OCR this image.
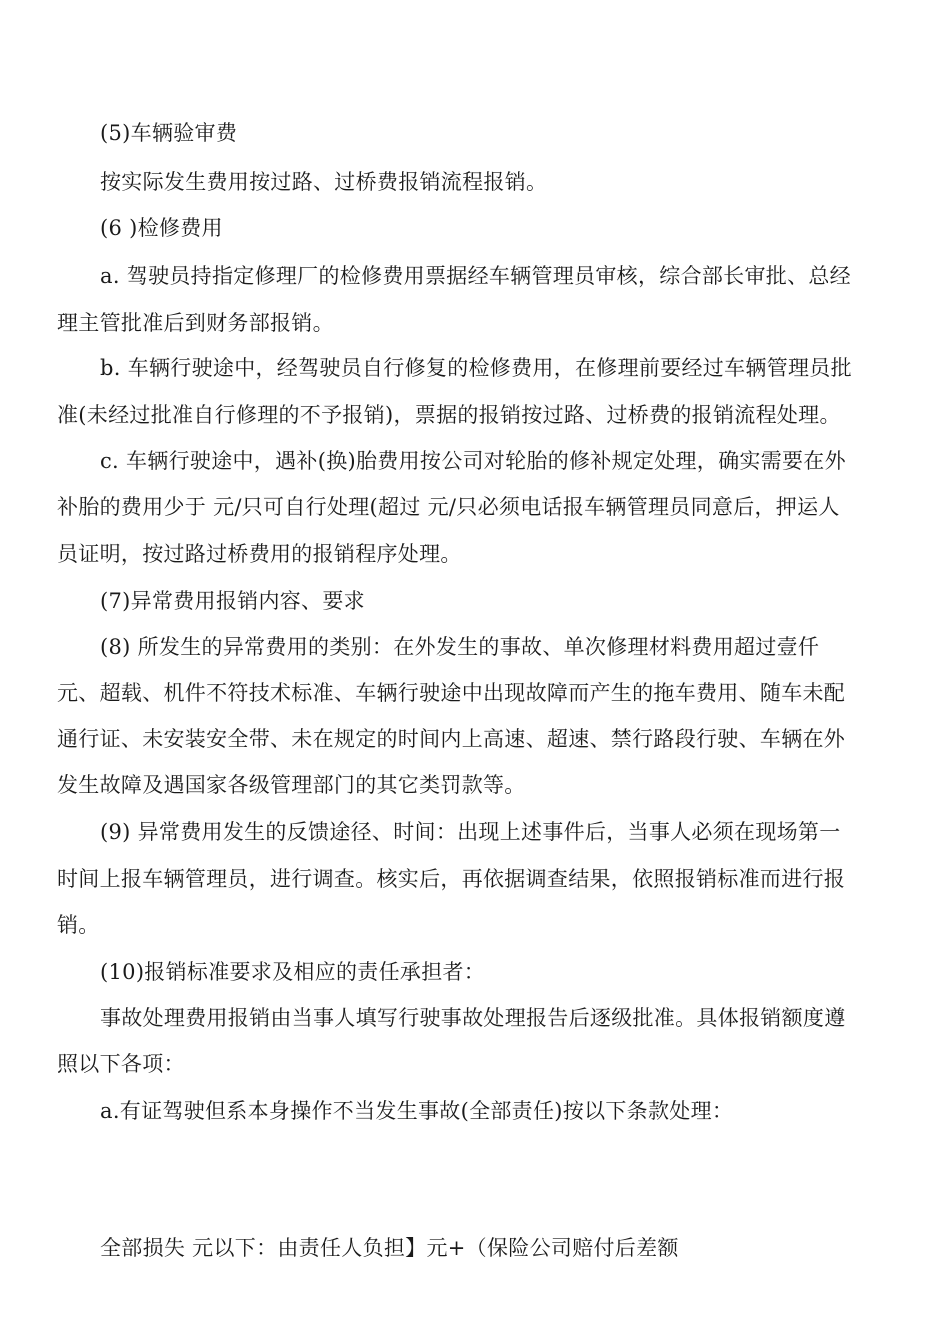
(5)车辆验审费
按实际发生费用按过路、过桥费报销流程报销。
(6 )检修费用
a. 驾驶员持指定修理厂的检修费用票据经车辆管理员审核，综合部长审批、总经
理主管批准后到财务部报销。
b. 车辆行驶途中，经驾驶员自行修复的检修费用，在修理前要经过车辆管理员批
准(未经过批准自行修理的不予报销)，票据的报销按过路、过桥费的报销流程处理。
c. 车辆行驶途中，遇补(换)胎费用按公司对轮胎的修补规定处理，确实需要在外
补胎的费用少于 元/只可自行处理(超过 元/只必须电话报车辆管理员同意后，押运人
员证明，按过路过桥费用的报销程序处理。
(7)异常费用报销内容、要求
(8) 所发生的异常费用的类别：在外发生的事故、单次修理材料费用超过壹仟
元、超载、机件不符技术标准、车辆行驶途中出现故障而产生的拖车费用、随车未配
通行证、未安装安全带、未在规定的时间内上高速、超速、禁行路段行驶、车辆在外
发生故障及遇国家各级管理部门的其它类罚款等。
(9) 异常费用发生的反馈途径、时间：出现上述事件后，当事人必须在现场第一
时间上报车辆管理员，进行调查。核实后，再依据调查结果，依照报销标准而进行报
销。
(10)报销标准要求及相应的责任承担者：
事故处理费用报销由当事人填写行驶事故处理报告后逐级批准。具体报销额度遵
照以下各项：
a.有证驾驶但系本身操作不当发生事故(全部责任)按以下条款处理：
全部损失 元以下：由责任人负担】元+（保险公司赔付后差额
